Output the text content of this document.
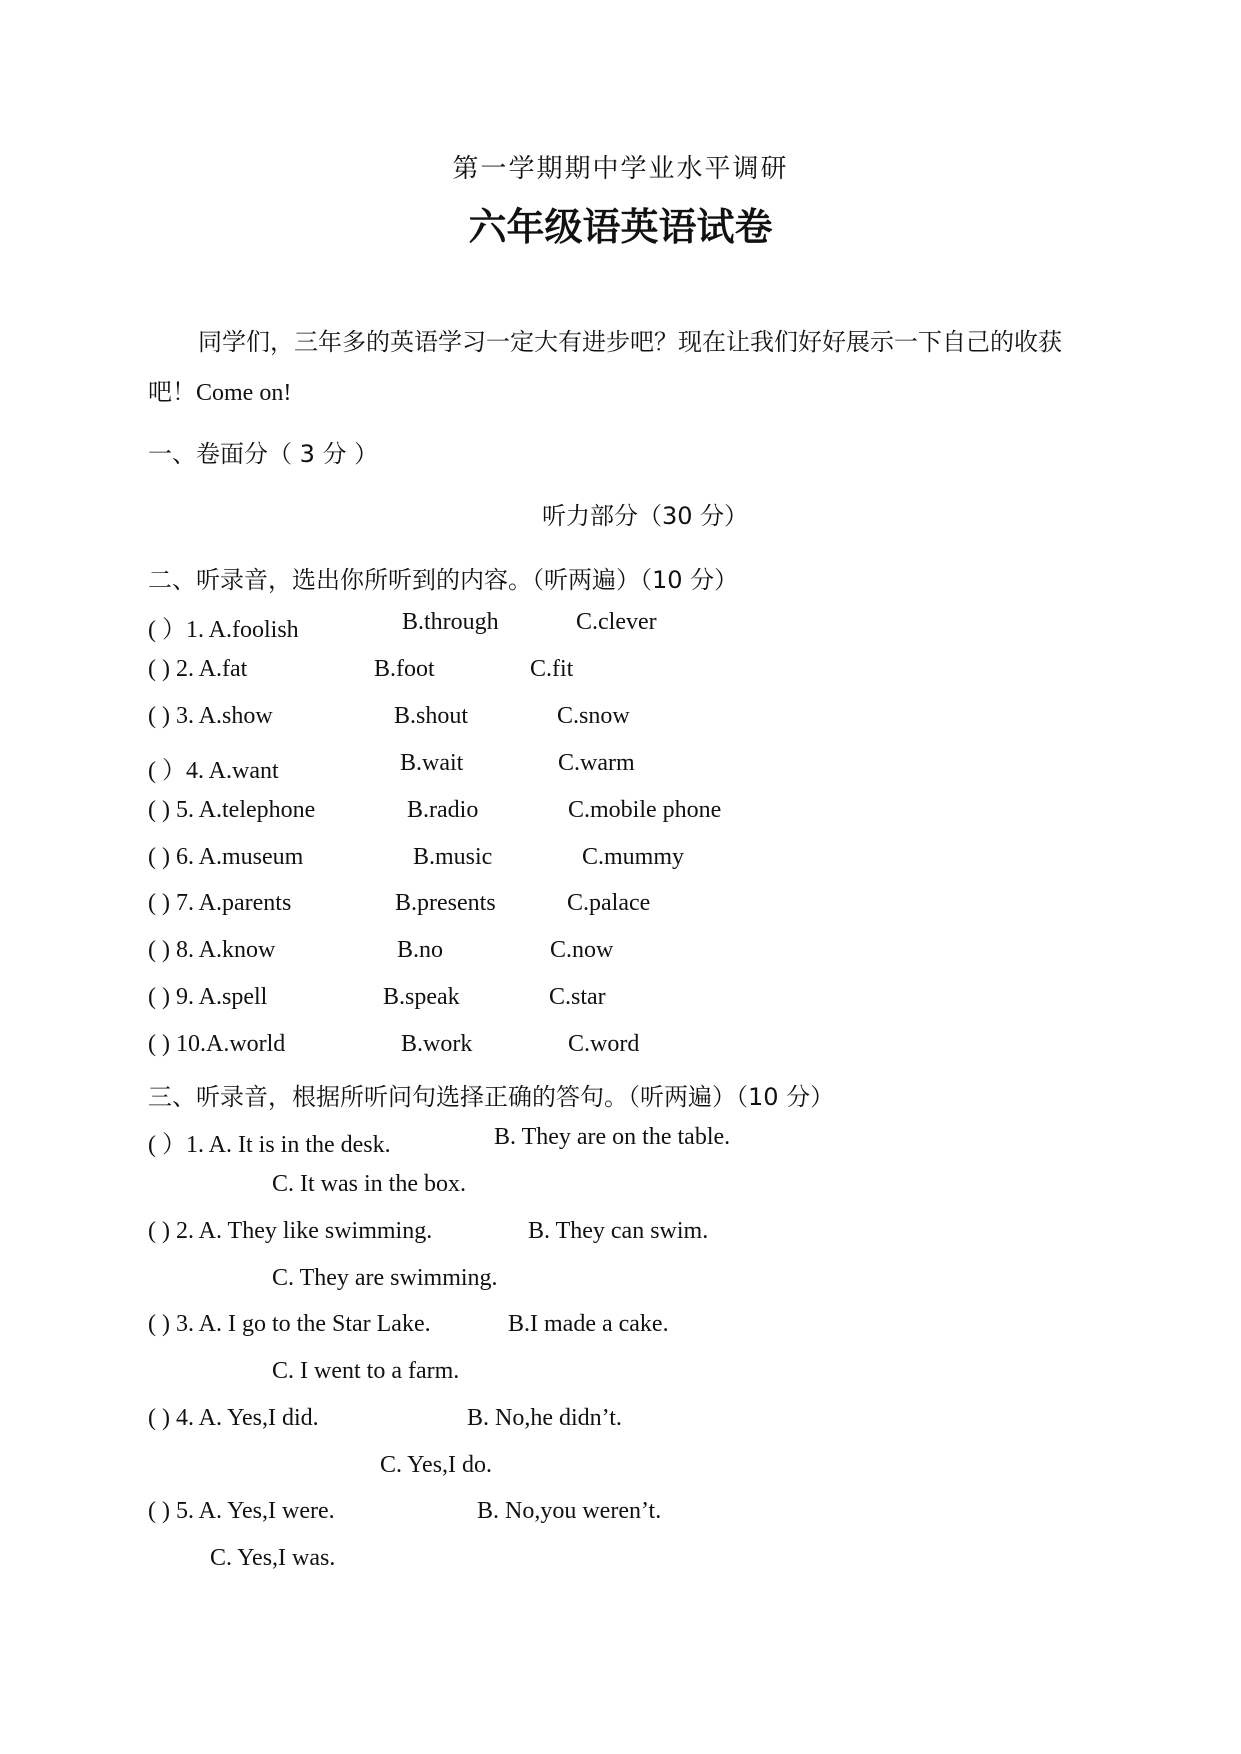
第一学期期中学业水平调研
六年级语英语试卷
同学们，三年多的英语学习一定大有进步吧？现在让我们好好展示一下自己的收获
吧！Come on!
一、卷面分（ 3 分 ）
听力部分（30 分）
二、听录音，选出你所听到的内容。（听两遍）（10 分）
( ）1. A.foolish	B.through	C.clever
( ) 2. A.fat	B.foot	C.fit
( ) 3. A.show	B.shout	C.snow
( ）4. A.want	B.wait	C.warm
( ) 5. A.telephone	B.radio	C.mobile phone
( ) 6. A.museum	B.music	C.mummy
( ) 7. A.parents	B.presents	C.palace
( ) 8. A.know	B.no	C.now
( ) 9. A.spell	B.speak	C.star
( ) 10.A.world	B.work	C.word
三、听录音，根据所听问句选择正确的答句。（听两遍）（10 分）
( ）1. A. It is in the desk.	B. They are on the table.
C. It was in the box.
( ) 2. A. They like swimming.	B. They can swim.
C. They are swimming.
( ) 3. A. I go to the Star Lake.	B.I made a cake.
C. I went to a farm.
( ) 4. A. Yes,I did.	B. No,he didn’t.
C. Yes,I do.
( ) 5. A. Yes,I were.	B. No,you weren’t.
C. Yes,I was.
